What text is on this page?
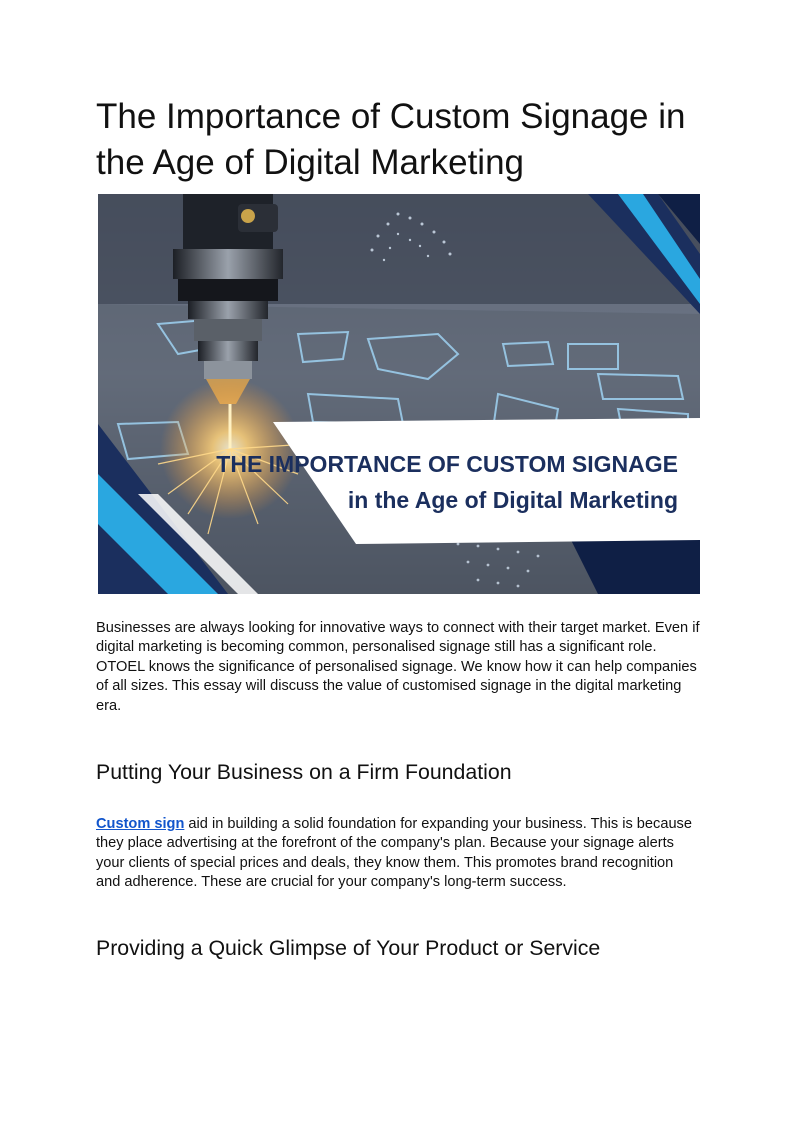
The Importance of Custom Signage in the Age of Digital Marketing
THE IMPORTANCE OF CUSTOM SIGNAGE
in the Age of Digital Marketing

Businesses are always looking for innovative ways to connect with their target market. Even if digital marketing is becoming common, personalised signage still has a significant role. OTOEL knows the significance of personalised signage. We know how it can help companies of all sizes. This essay will discuss the value of customised signage in the digital marketing era.

Putting Your Business on a Firm Foundation

Custom sign aid in building a solid foundation for expanding your business. This is because they place advertising at the forefront of the company's plan. Because your signage alerts your clients of special prices and deals, they know them. This promotes brand recognition and adherence. These are crucial for your company's long-term success.

Providing a Quick Glimpse of Your Product or Service
